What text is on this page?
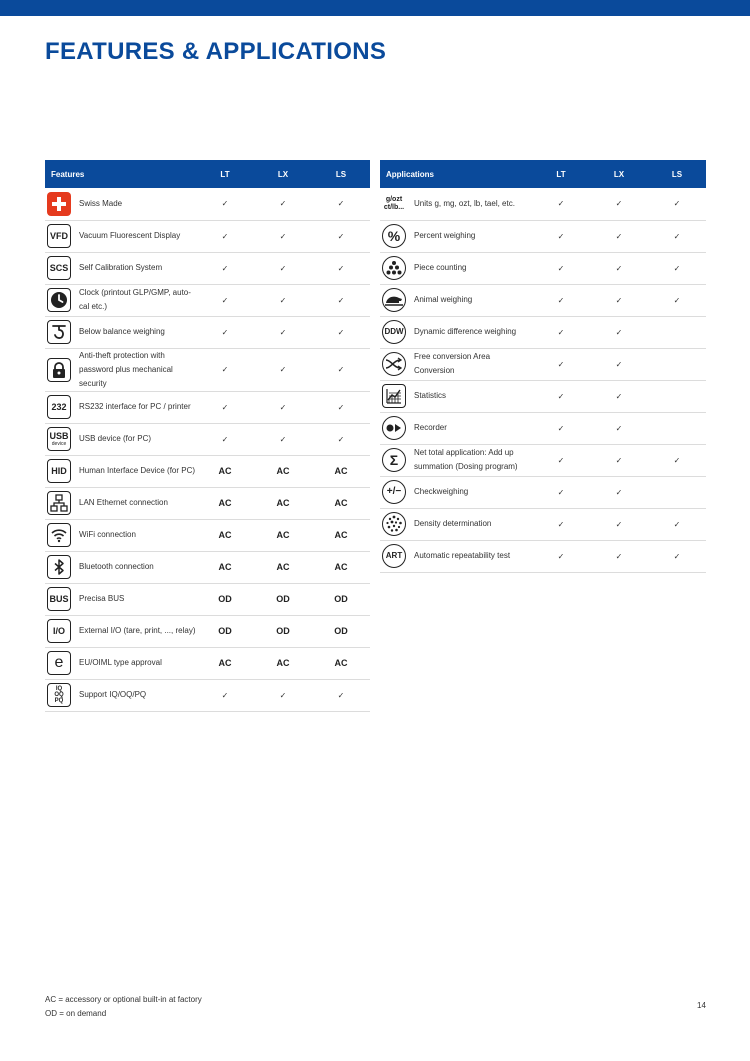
FEATURES & APPLICATIONS
Features		LT	LX	LS

	Swiss Made	✓	✓	✓

VFD	Vacuum Fluorescent Display	✓	✓	✓

SCS	Self Calibration System	✓	✓	✓

	Clock (printout GLP/GMP, auto-cal etc.)	✓	✓	✓

	Below balance weighing	✓	✓	✓

	Anti-theft protection with password plus mechanical security	✓	✓	✓

232	RS232 interface for PC / printer	✓	✓	✓

USB
device	USB device (for PC)	✓	✓	✓

HID	Human Interface Device (for PC)	AC	AC	AC

	LAN Ethernet connection	AC	AC	AC

	WiFi connection	AC	AC	AC

	Bluetooth connection	AC	AC	AC

BUS	Precisa BUS	OD	OD	OD

I/O	External I/O (tare, print, ..., relay)	OD	OD	OD

e	EU/OIML type approval	AC	AC	AC

IQ
OQ
PQ	Support IQ/OQ/PQ	✓	✓	✓
Applications		LT	LX	LS

g/ozt
ct/lb...	Units g, mg, ozt, lb, tael, etc.	✓	✓	✓

%	Percent weighing	✓	✓	✓

	Piece counting	✓	✓	✓

	Animal weighing	✓	✓	✓

DDW	Dynamic difference weighing	✓	✓	

	Free conversion Area Conversion	✓	✓	

	Statistics	✓	✓	

	Recorder	✓	✓	

Σ	Net total application: Add up summation (Dosing program)	✓	✓	✓

+/−	Checkweighing	✓	✓	

	Density determination	✓	✓	✓

ART	Automatic repeatability test	✓	✓	✓
AC = accessory or optional built-in at factory
OD = on demand
14
